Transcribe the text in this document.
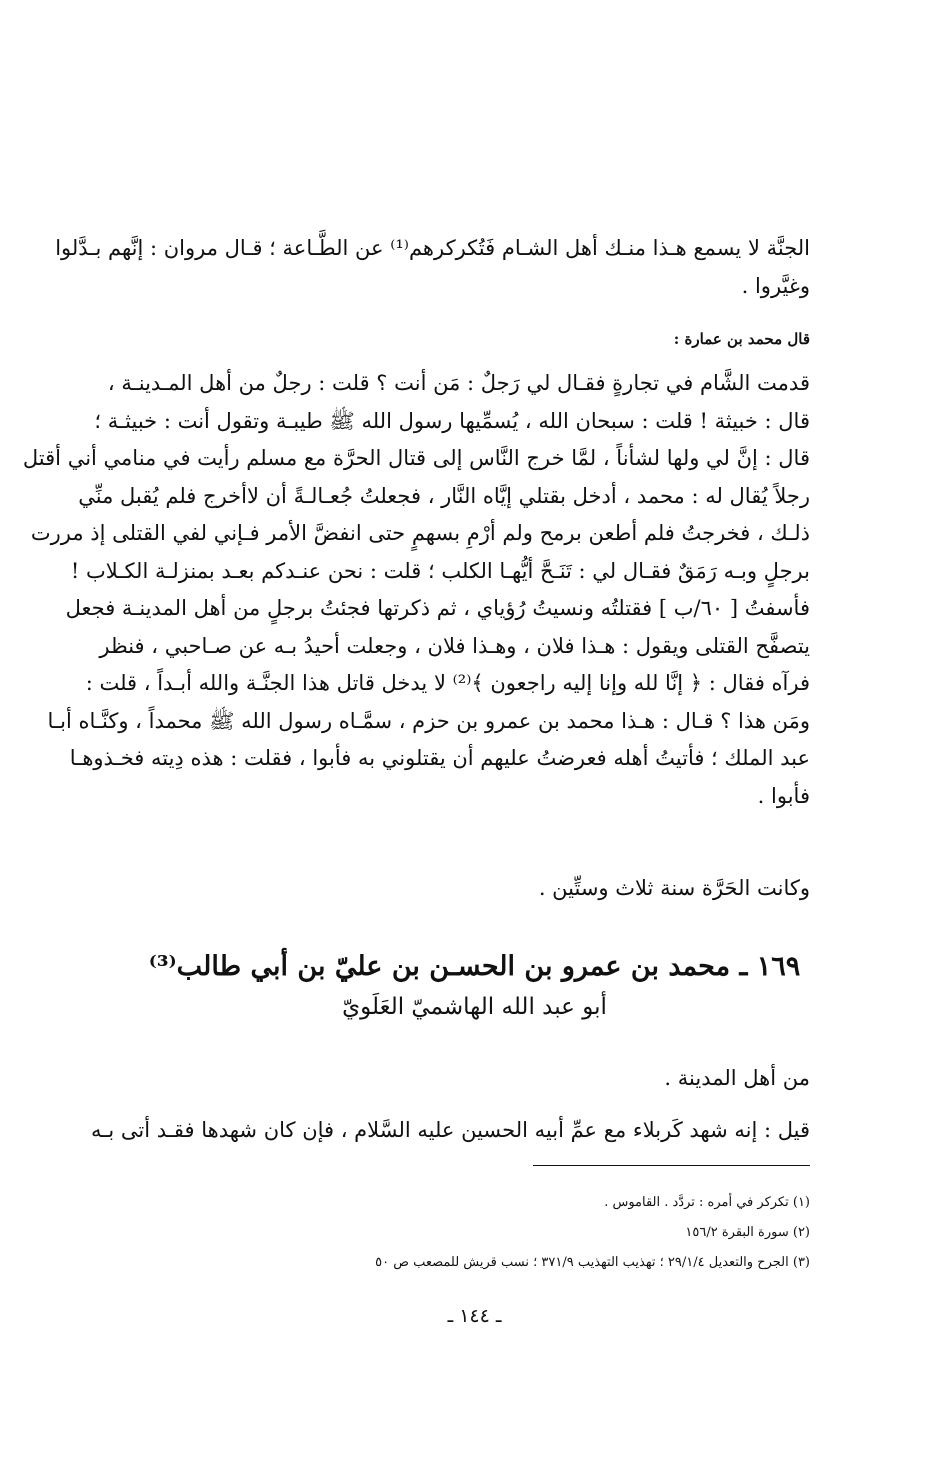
الجنَّة لا يسمع هـذا منـك أهل الشـام فَتُكركرهم⁽¹⁾ عن الطَّـاعة ؛ قـال مروان : إنَّهم بـدَّلوا
وغيَّروا .

قال محمد بن عمارة :

قدمت الشَّام في تجارةٍ فقـال لي رَجلٌ : مَن أنت ؟ قلت : رجلٌ من أهل المـدينـة ،
قال : خبيثة ! قلت : سبحان الله ، يُسمِّيها رسول الله ﷺ طيبـة وتقول أنت : خبيثـة ؛
قال : إنَّ لي ولها لشأناً ، لمَّا خرج النَّاس إلى قتال الحرَّة مع مسلم رأيت في منامي أني أقتل
رجلاً يُقال له : محمد ، أدخل بقتلي إيَّاه النَّار ، فجعلتُ جُعـالـةً أن لاأخرج فلم يُقبل منِّي
ذلـك ، فخرجتُ فلم أطعن برمح ولم أرْمِ بسهمٍ حتى انفضَّ الأمر فـإني لفي القتلى إذ مررت
برجلٍ وبـه رَمَقٌ فقـال لي : تَنَـحَّ أيُّهـا الكلب ؛ قلت : نحن عنـدكم بعـد بمنزلـة الكـلاب !
فأسفتُ [ ٦٠/ب ] فقتلتُه ونسيتُ رُؤياي ، ثم ذكرتها فجئتُ برجلٍ من أهل المدينـة فجعل
يتصفَّح القتلى ويقول : هـذا فلان ، وهـذا فلان ، وجعلت أحيدُ بـه عن صـاحبي ، فنظر
فرآه فقال : ﴿ إنَّا لله وإنا إليه راجعون ﴾⁽²⁾ لا يدخل قاتل هذا الجنَّـة والله أبـداً ، قلت :
ومَن هذا ؟ قـال : هـذا محمد بن عمرو بن حزم ، سمَّـاه رسول الله ﷺ محمداً ، وكنَّـاه أبـا
عبد الملك ؛ فأتيتُ أهله فعرضتُ عليهم أن يقتلوني به فأبوا ، فقلت : هذه دِيته فخـذوهـا
فأبوا .

وكانت الحَرَّة سنة ثلاث وستِّين .

١٦٩ ـ محمد بن عمرو بن الحسـن بن عليّ بن أبي طالب⁽³⁾
أبو عبد الله الهاشميّ العَلَويّ

من أهل المدينة .

قيل : إنه شهد كَربلاء مع عمِّ أبيه الحسين عليه السَّلام ، فإن كان شهدها فقـد أتى بـه

(١) تكركر في أمره : تردَّد . القاموس .
(٢) سورة البقرة ١٥٦/٢
(٣) الجرح والتعديل ٢٩/١/٤ ؛ تهذيب التهذيب ٣٧١/٩ ؛ نسب قريش للمصعب ص ٥٠
ـ ١٤٤ ـ
